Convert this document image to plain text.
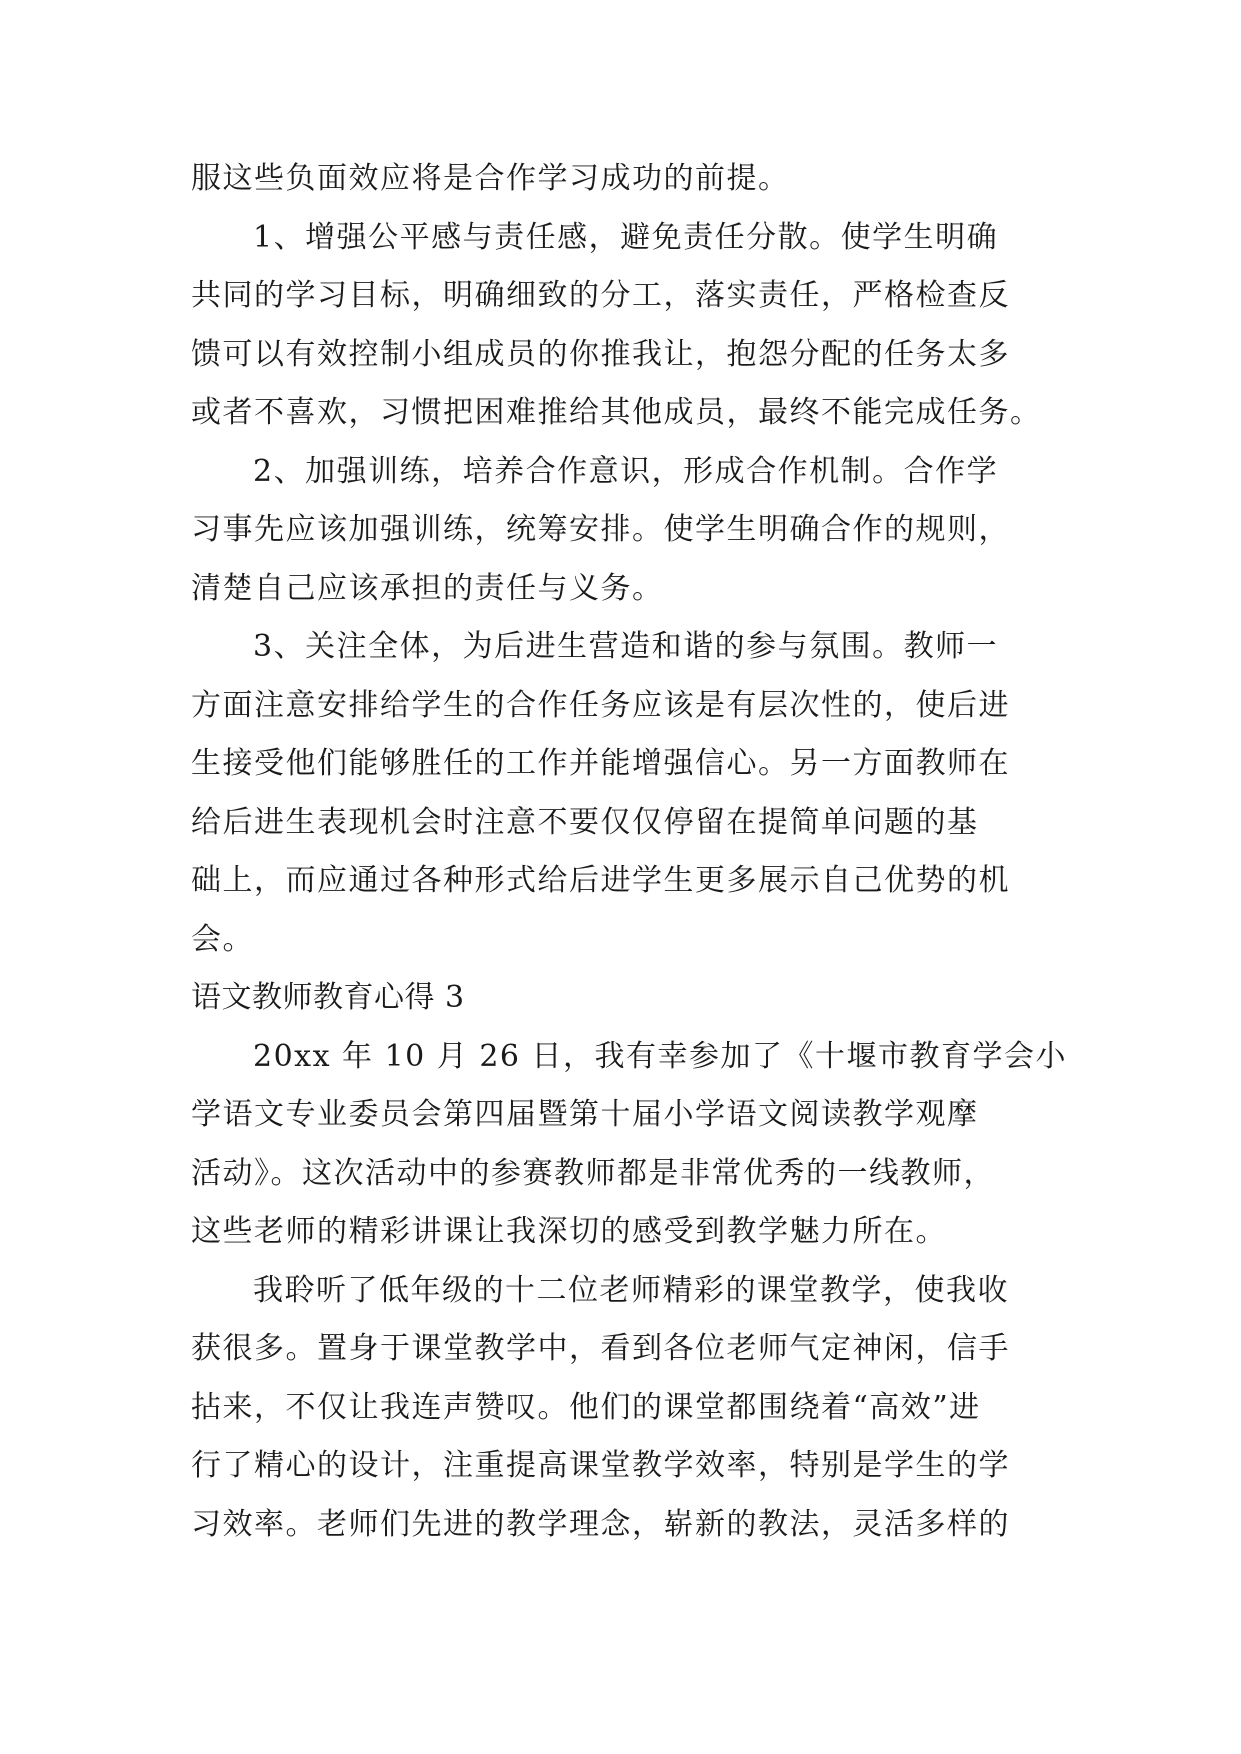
服这些负面效应将是合作学习成功的前提。
1、增强公平感与责任感，避免责任分散。使学生明确
共同的学习目标，明确细致的分工，落实责任，严格检查反
馈可以有效控制小组成员的你推我让，抱怨分配的任务太多
或者不喜欢，习惯把困难推给其他成员，最终不能完成任务。
2、加强训练，培养合作意识，形成合作机制。合作学
习事先应该加强训练，统筹安排。使学生明确合作的规则，
清楚自己应该承担的责任与义务。
3、关注全体，为后进生营造和谐的参与氛围。教师一
方面注意安排给学生的合作任务应该是有层次性的，使后进
生接受他们能够胜任的工作并能增强信心。另一方面教师在
给后进生表现机会时注意不要仅仅停留在提简单问题的基
础上，而应通过各种形式给后进学生更多展示自己优势的机
会。
语文教师教育心得 3
20xx 年 10 月 26 日，我有幸参加了《十堰市教育学会小
学语文专业委员会第四届暨第十届小学语文阅读教学观摩
活动》。这次活动中的参赛教师都是非常优秀的一线教师，
这些老师的精彩讲课让我深切的感受到教学魅力所在。
我聆听了低年级的十二位老师精彩的课堂教学，使我收
获很多。置身于课堂教学中，看到各位老师气定神闲，信手
拈来，不仅让我连声赞叹。他们的课堂都围绕着“高效”进
行了精心的设计，注重提高课堂教学效率，特别是学生的学
习效率。老师们先进的教学理念，崭新的教法，灵活多样的
